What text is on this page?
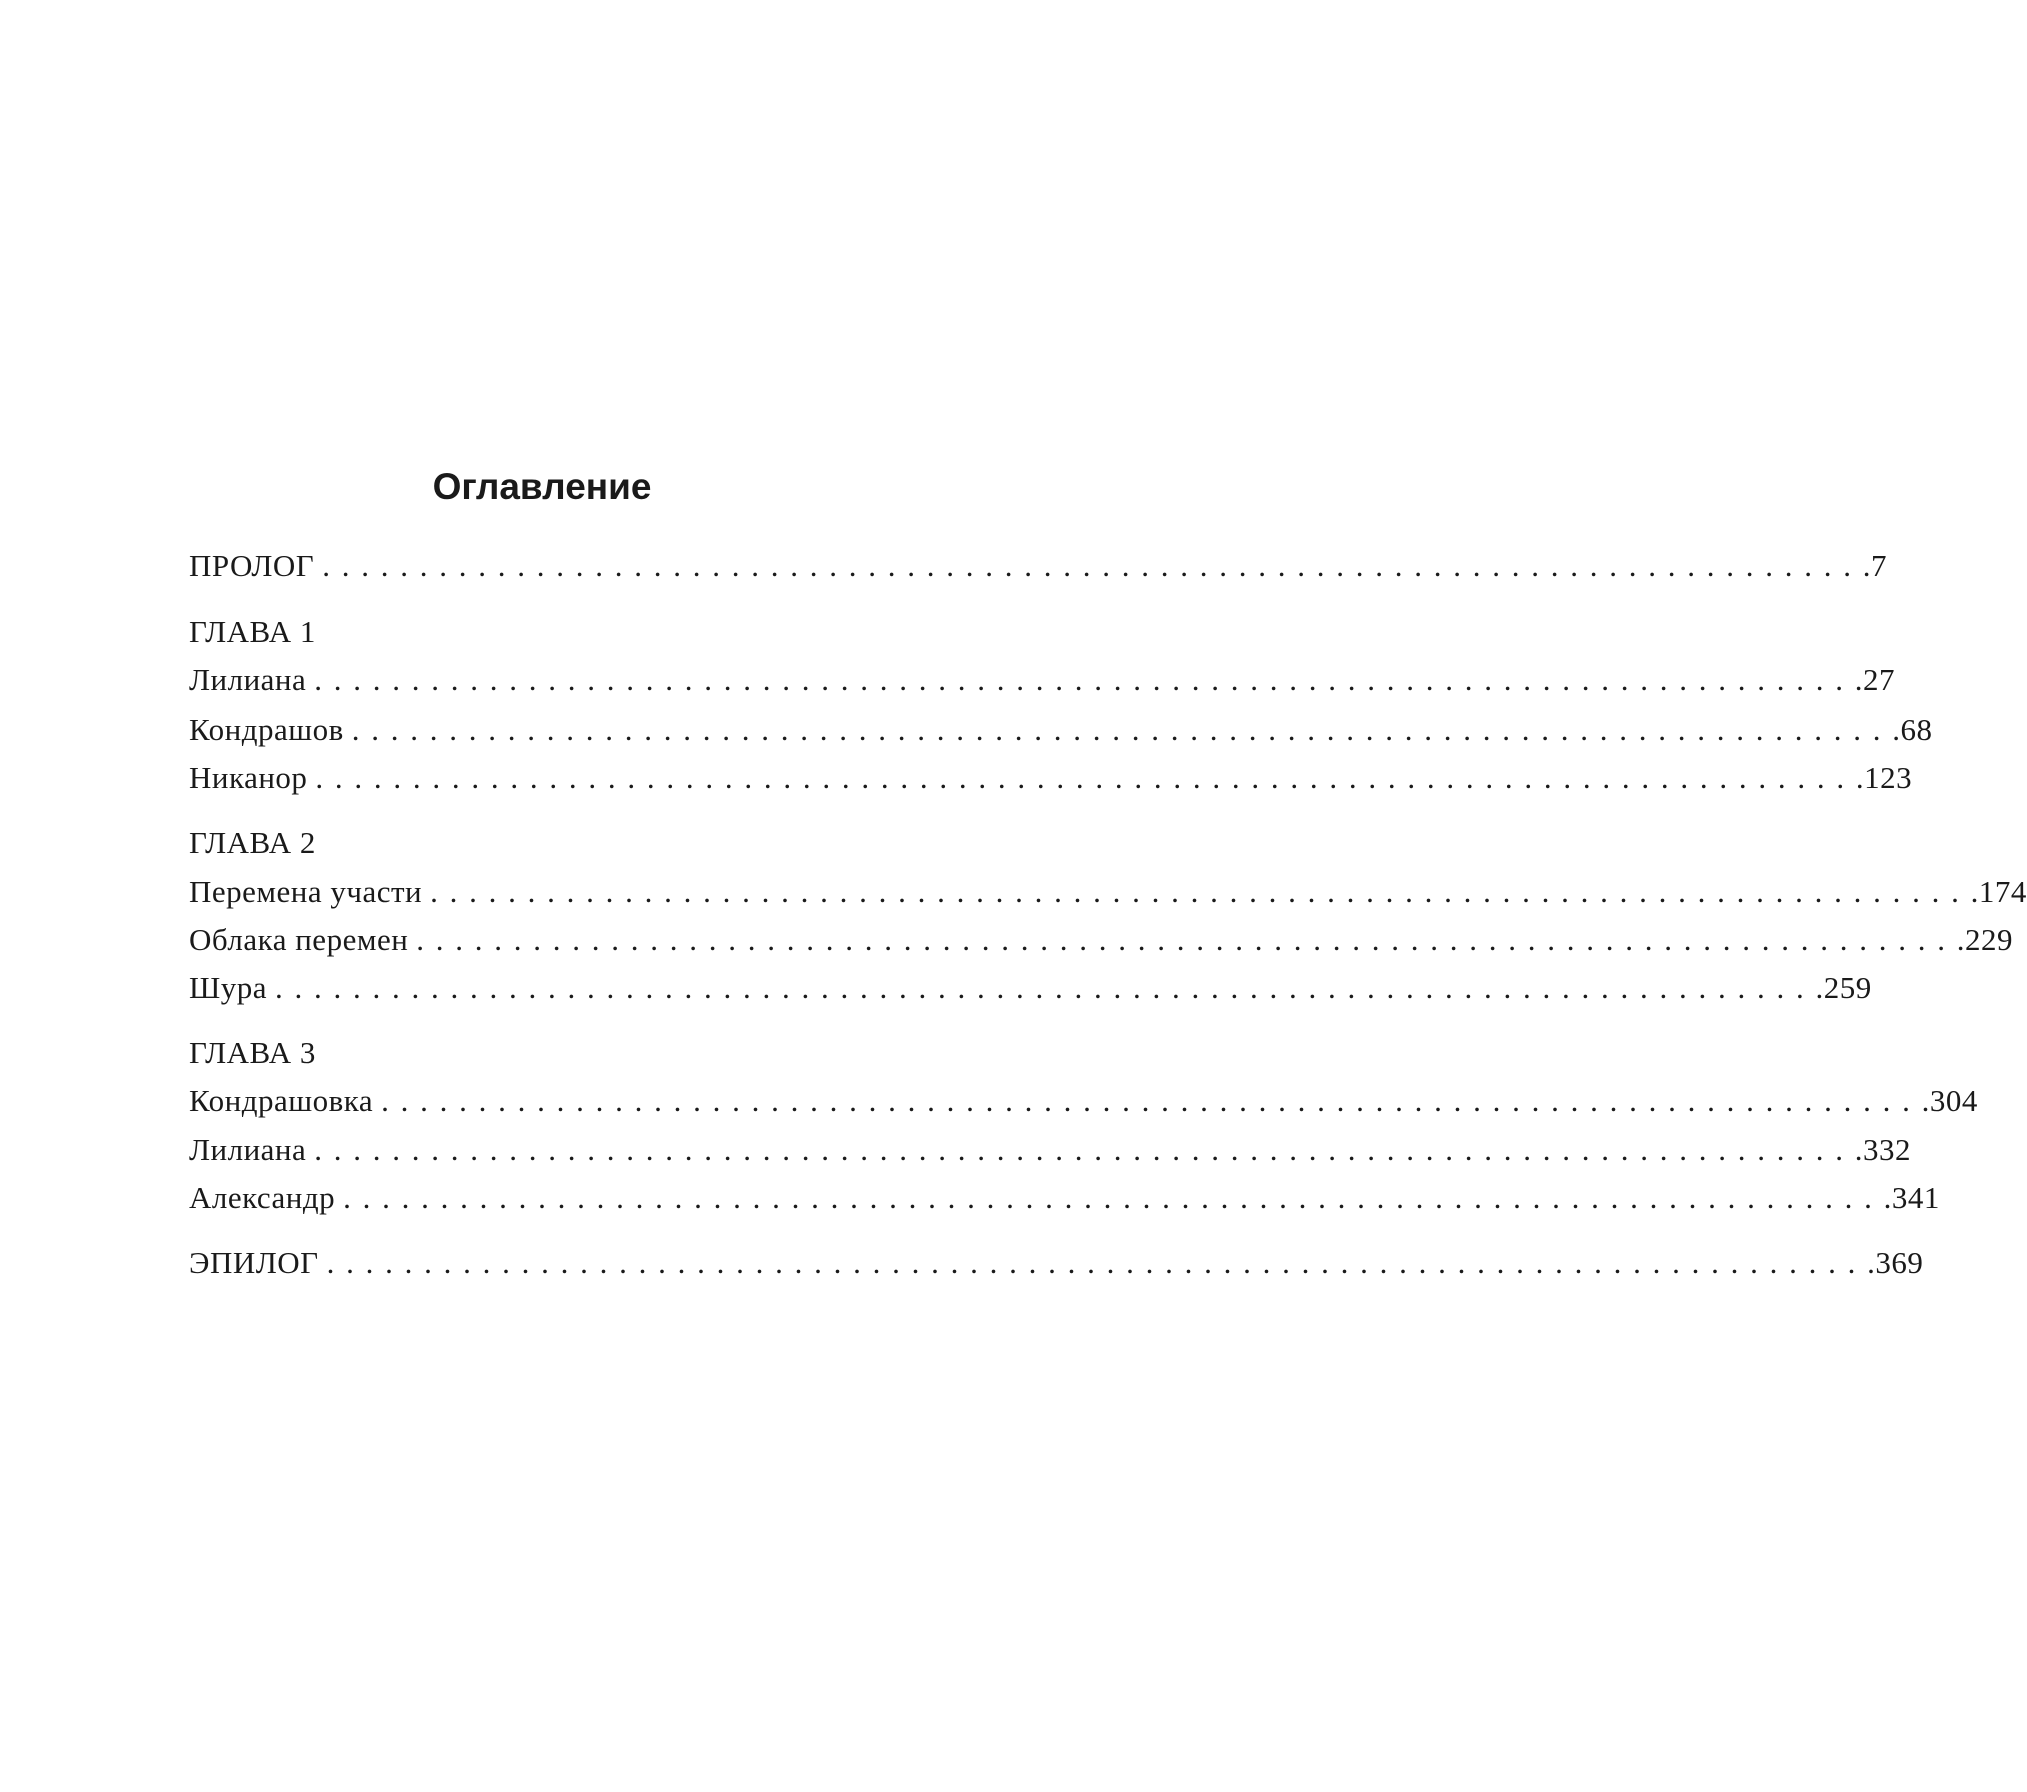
Оглавление
ПРОЛОГ . . . . . . . . . . . . . . . . . . . . . . . . . . . . . . . . . . . . . . . . . . . . . . . . . . . . . . . . . . . . . . . . . . . . . . . . . . . . . . . . 7
ГЛАВА 1
Лилиана . . . . . . . . . . . . . . . . . . . . . . . . . . . . . . . . . . . . . . . . . . . . . . . . . . . . . . . . . . . . . . . . . . . . . . . . . . . . . . . . 27
Кондрашов . . . . . . . . . . . . . . . . . . . . . . . . . . . . . . . . . . . . . . . . . . . . . . . . . . . . . . . . . . . . . . . . . . . . . . . . . . . . . . . . 68
Никанор . . . . . . . . . . . . . . . . . . . . . . . . . . . . . . . . . . . . . . . . . . . . . . . . . . . . . . . . . . . . . . . . . . . . . . . . . . . . . . . . 123
ГЛАВА 2
Перемена участи . . . . . . . . . . . . . . . . . . . . . . . . . . . . . . . . . . . . . . . . . . . . . . . . . . . . . . . . . . . . . . . . . . . . . . . . . . . . . . . . 174
Облака перемен . . . . . . . . . . . . . . . . . . . . . . . . . . . . . . . . . . . . . . . . . . . . . . . . . . . . . . . . . . . . . . . . . . . . . . . . . . . . . . . . 229
Шура . . . . . . . . . . . . . . . . . . . . . . . . . . . . . . . . . . . . . . . . . . . . . . . . . . . . . . . . . . . . . . . . . . . . . . . . . . . . . . . . 259
ГЛАВА 3
Кондрашовка . . . . . . . . . . . . . . . . . . . . . . . . . . . . . . . . . . . . . . . . . . . . . . . . . . . . . . . . . . . . . . . . . . . . . . . . . . . . . . . . 304
Лилиана . . . . . . . . . . . . . . . . . . . . . . . . . . . . . . . . . . . . . . . . . . . . . . . . . . . . . . . . . . . . . . . . . . . . . . . . . . . . . . . . 332
Александр . . . . . . . . . . . . . . . . . . . . . . . . . . . . . . . . . . . . . . . . . . . . . . . . . . . . . . . . . . . . . . . . . . . . . . . . . . . . . . . . 341
ЭПИЛОГ . . . . . . . . . . . . . . . . . . . . . . . . . . . . . . . . . . . . . . . . . . . . . . . . . . . . . . . . . . . . . . . . . . . . . . . . . . . . . . . . 369
